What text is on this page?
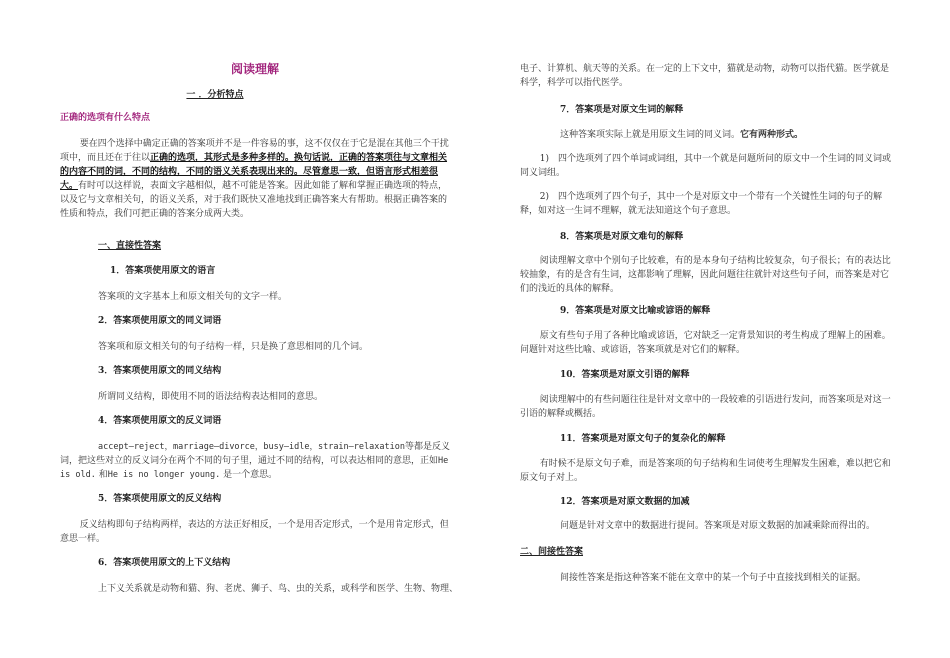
阅读理解

一 ．分析特点

正确的选项有什么特点

要在四个选择中确定正确的答案项并不是一件容易的事，这不仅仅在于它是混在其他三个干扰项中，而且还在于往以正确的选项，其形式是多种多样的。换句话说，正确的答案项往与文章相关的内容不同的词，不同的结构，不同的语义关系表现出来的。尽管意思一致，但语言形式相差很大。有时可以这样说，表面文字越相似，越不可能是答案。因此如能了解和掌握正确选项的特点，以及它与文章相关句，的语义关系，对于我们既快又准地找到正确答案大有帮助。根据正确答案的性质和特点，我们可把正确的答案分成两大类。

一、直接性答案

1．答案项使用原文的语言

答案项的文字基本上和原文相关句的文字一样。

2．答案项使用原文的同义词语

答案项和原文相关句的句子结构一样，只是换了意思相同的几个词。

3．答案项使用原文的同义结构

所谓同义结构，即使用不同的语法结构表达相同的意思。

4．答案项使用原文的反义词语

accept—reject，marriage—divorce，busy—idle，strain—relaxation等都是反义词，把这些对立的反义词分在两个不同的句子里，通过不同的结构，可以表达相同的意思，正如He is old. 和He is no longer young. 是一个意思。

5．答案项使用原文的反义结构

反义结构即句子结构两样，表达的方法正好相反，一个是用否定形式，一个是用肯定形式，但意思一样。

6．答案项使用原文的上下义结构

上下义关系就是动物和猫、狗、老虎、狮子、鸟、虫的关系，或科学和医学、生物、物理、

电子、计算机、航天等的关系。在一定的上下文中，猫就是动物，动物可以指代猫。医学就是科学，科学可以指代医学。

7．答案项是对原文生词的解释

这种答案项实际上就是用原文生词的同义词。它有两种形式。

1)　四个选项列了四个单词或词组，其中一个就是问题所问的原文中一个生词的同义词或同义词组。

2)　四个选项列了四个句子，其中一个是对原文中一个带有一个关键性生词的句子的解释，如对这一生词不理解，就无法知道这个句子意思。

8．答案项是对原文难句的解释

阅读理解文章中个别句子比较难，有的是本身句子结构比较复杂，句子很长；有的表达比较抽象，有的是含有生词，这都影响了理解，因此问题往往就针对这些句子问，而答案是对它们的浅近的具体的解释。

9．答案项是对原文比喻或谚语的解释

原文有些句子用了各种比喻或谚语，它对缺乏一定背景知识的考生构成了理解上的困难。问题针对这些比喻、或谚语，答案项就是对它们的解释。

10．答案项是对原文引语的解释

阅读理解中的有些问题往往是针对文章中的一段较难的引语进行发问，而答案项是对这一引语的解释或概括。

11．答案项是对原文句子的复杂化的解释

有时候不是原文句子难，而是答案项的句子结构和生词使考生理解发生困难，难以把它和原文句子对上。

12．答案项是对原文数据的加减

问题是针对文章中的数据进行提问。答案项是对原文数据的加减乘除而得出的。

二、间接性答案

间接性答案是指这种答案不能在文章中的某一个句子中直接找到相关的证据。
